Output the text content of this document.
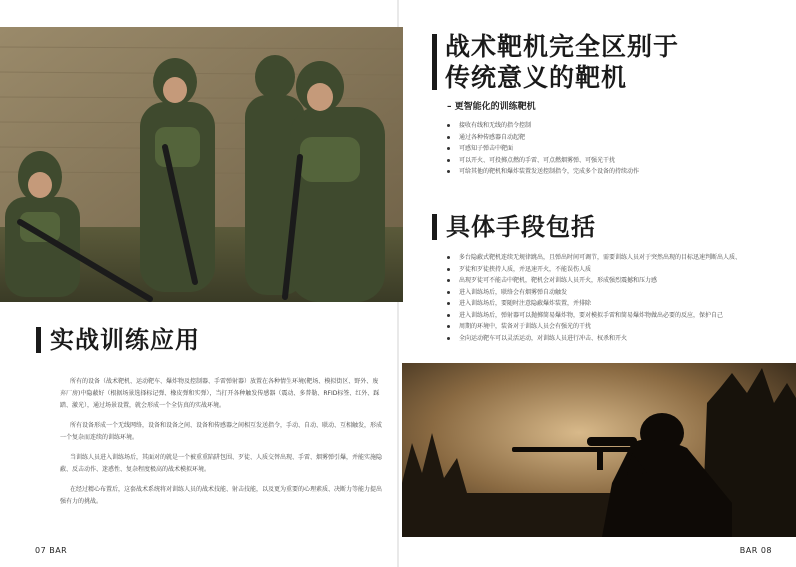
战术靶机完全区别于
传统意义的靶机
– 更智能化的训练靶机
接收有线和无线的指令控制
通过各种传感器自动起靶
可感知子弹击中靶面
可以开火、可投掷点燃的手雷、可点燃烟雾弹、可强光干扰
可给其他的靶机和爆炸装置发送控制指令，完成多个设备的持续动作
具体手段包括
多台隐蔽式靶机连续无规律跳出，且弹出时间可调节，需要训练人员对于突然出现的目标迅速判断出人质、
歹徒和歹徒挟持人质，并迅速开火，不能误伤人质
出现歹徒可不能击中靶机，靶机会对训练人员开火，形成强烈震撼和压力感
进入训练场后，联络会有烟雾弹自动触发
进入训练场后，要随时注意隐蔽爆炸装置，并排除
进入训练场后，弹射器可以抛掷简易爆炸物，要对模拟手雷和简易爆炸物做出必要的反应，保护自己
周期的环境中，装备对于训练人员会有强光的干扰
全向运动靶车可以灵活运动，对训练人员进行冲击、权杀和开火
实战训练应用

所有的设备（战术靶机、运动靶车、爆炸物及控制器、手雷弹射器）放置在各种情生环境(靶场、模拟街区、野外、废弃厂房)中隐蔽好（根据场景选择标记弹、橡皮弹和实弹），当打开各种触发传感器（震动、多普勒、RFID标签、红外、踩踏、激光），通过场景设置，就会形成一个全仿真的实战环境。

所有设备形成一个无线网络，设备和设备之间、设备和传感器之间相互发送指令，手动、自动、联动、互相触发，形成一个复杂而连续的训练环境。

当训练人员进入训练场后，其面对的就是一个被重重陷阱包围、歹徒、人质交替出现、手雷、烟雾弹引爆，并能实施隐蔽、反击动作、迷惑性、复杂程度极高的战术模拟环境。

在经过精心布置后，这套战术系统将对训练人员的战术技能、射击技能，以及更为重要的心理素质、决断力等能力提出强有力的挑战。

07 BAR	BAR 08
